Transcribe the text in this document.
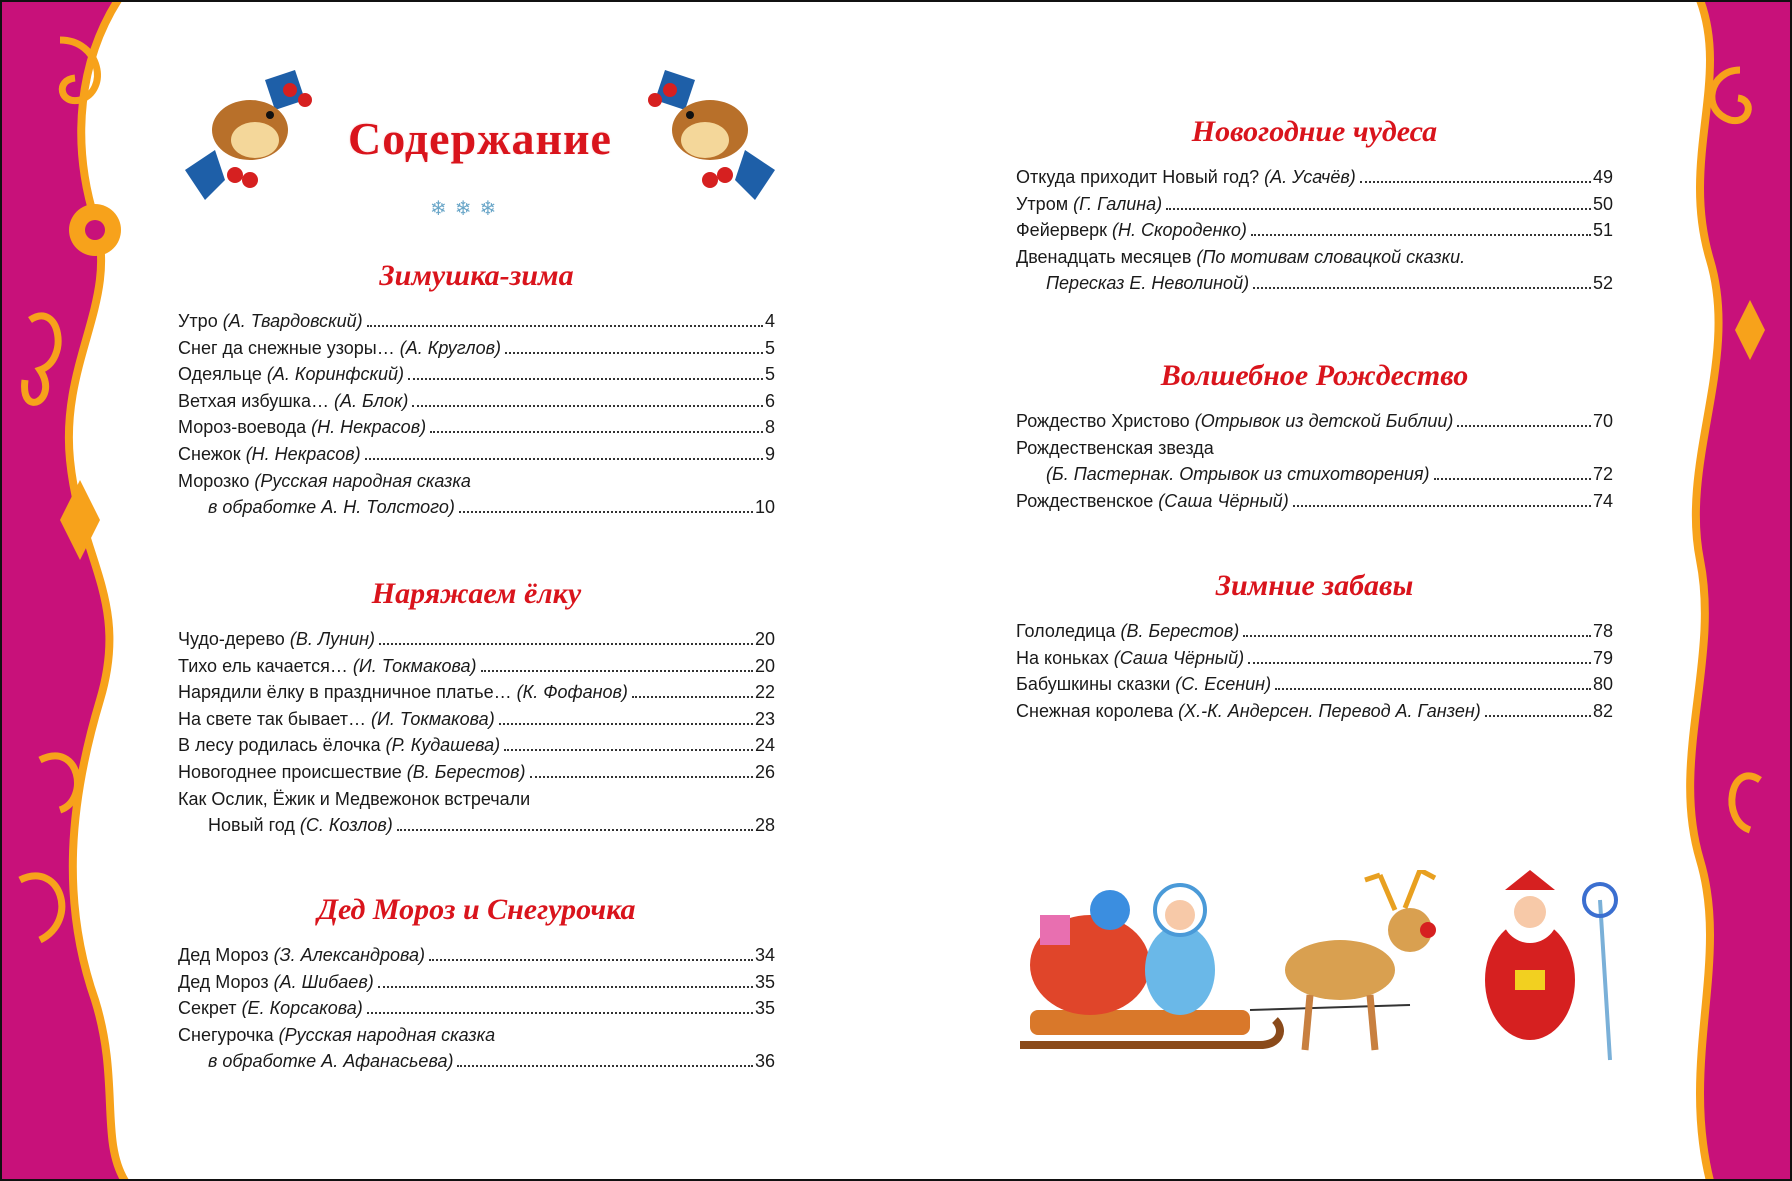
Содержание
❄❄❄
Зимушка-зима
Утро (А. Твардовский)	4
Снег да снежные узоры… (А. Круглов)	5
Одеяльце (А. Коринфский)	5
Ветхая избушка… (А. Блок)	6
Мороз-воевода (Н. Некрасов)	8
Снежок (Н. Некрасов)	9
Морозко (Русская народная сказка
в обработке А. Н. Толстого)	10
Наряжаем ёлку
Чудо-дерево (В. Лунин)	20
Тихо ель качается… (И. Токмакова)	20
Нарядили ёлку в праздничное платье… (К. Фофанов)	22
На свете так бывает… (И. Токмакова)	23
В лесу родилась ёлочка (Р. Кудашева)	24
Новогоднее происшествие (В. Берестов)	26
Как Ослик, Ёжик и Медвежонок встречали
Новый год (С. Козлов)	28
Дед Мороз и Снегурочка
Дед Мороз (З. Александрова)	34
Дед Мороз (А. Шибаев)	35
Секрет (Е. Корсакова)	35
Снегурочка (Русская народная сказка
в обработке А. Афанасьева)	36
Новогодние чудеса
Откуда приходит Новый год? (А. Усачёв)	49
Утром (Г. Галина)	50
Фейерверк (Н. Скороденко)	51
Двенадцать месяцев (По мотивам словацкой сказки.
Пересказ Е. Неволиной)	52
Волшебное Рождество
Рождество Христово (Отрывок из детской Библии)	70
Рождественская звезда
(Б. Пастернак. Отрывок из стихотворения)	72
Рождественское (Саша Чёрный)	74
Зимние забавы
Гололедица (В. Берестов)	78
На коньках (Саша Чёрный)	79
Бабушкины сказки (С. Есенин)	80
Снежная королева (Х.-К. Андерсен. Перевод А. Ганзен)	82
